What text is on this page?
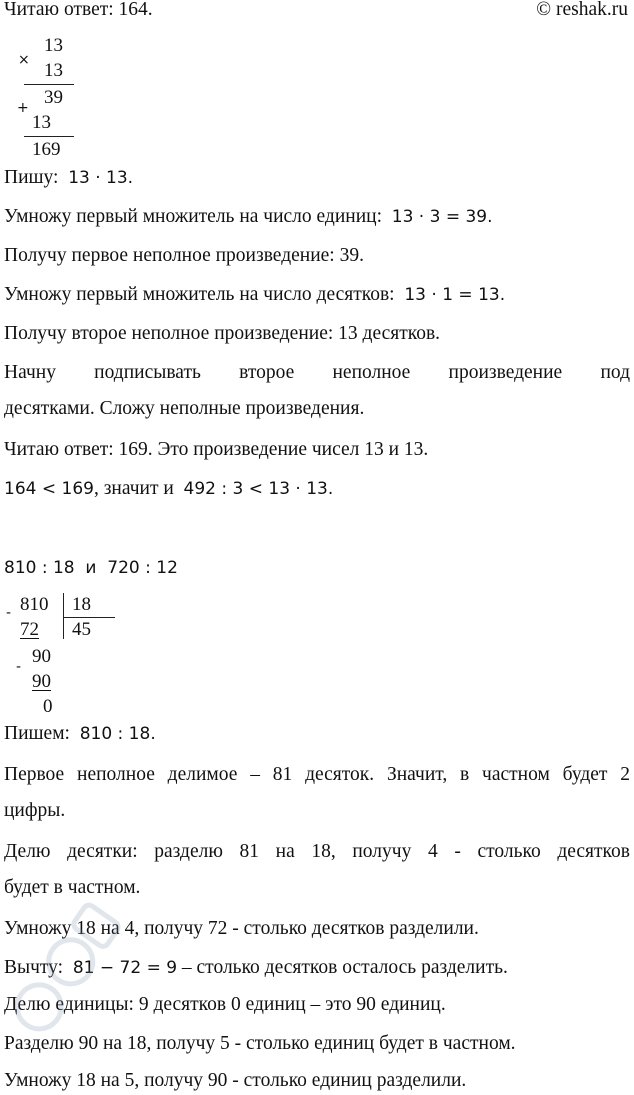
Читаю ответ: 164.	© reshak.ru
×
13
13
+ 39
13
169
Пишу: 13 · 13.
Умножу первый множитель на число единиц: 13 · 3 = 39.
Получу первое неполное произведение: 39.
Умножу первый множитель на число десятков: 13 · 1 = 13.
Получу второе неполное произведение: 13 десятков.
Начну подписывать второе неполное произведение под
десятками. Сложу неполные произведения.
Читаю ответ: 169. Это произведение чисел 13 и 13.
164 < 169, значит и 492 : 3 < 13 · 13.
810 : 18  и  720 : 12
- 810 18
72 45
- 90
90
0
Пишем: 810 : 18.
Первое неполное делимое – 81 десяток. Значит, в частном будет 2
цифры.
Делю десятки: разделю 81 на 18, получу 4 - столько десятков
будет в частном.
Умножу 18 на 4, получу 72 - столько десятков разделили.
Вычту: 81 − 72 = 9 – столько десятков осталось разделить.
Делю единицы: 9 десятков 0 единиц – это 90 единиц.
Разделю 90 на 18, получу 5 - столько единиц будет в частном.
Умножу 18 на 5, получу 90 - столько единиц разделили.
